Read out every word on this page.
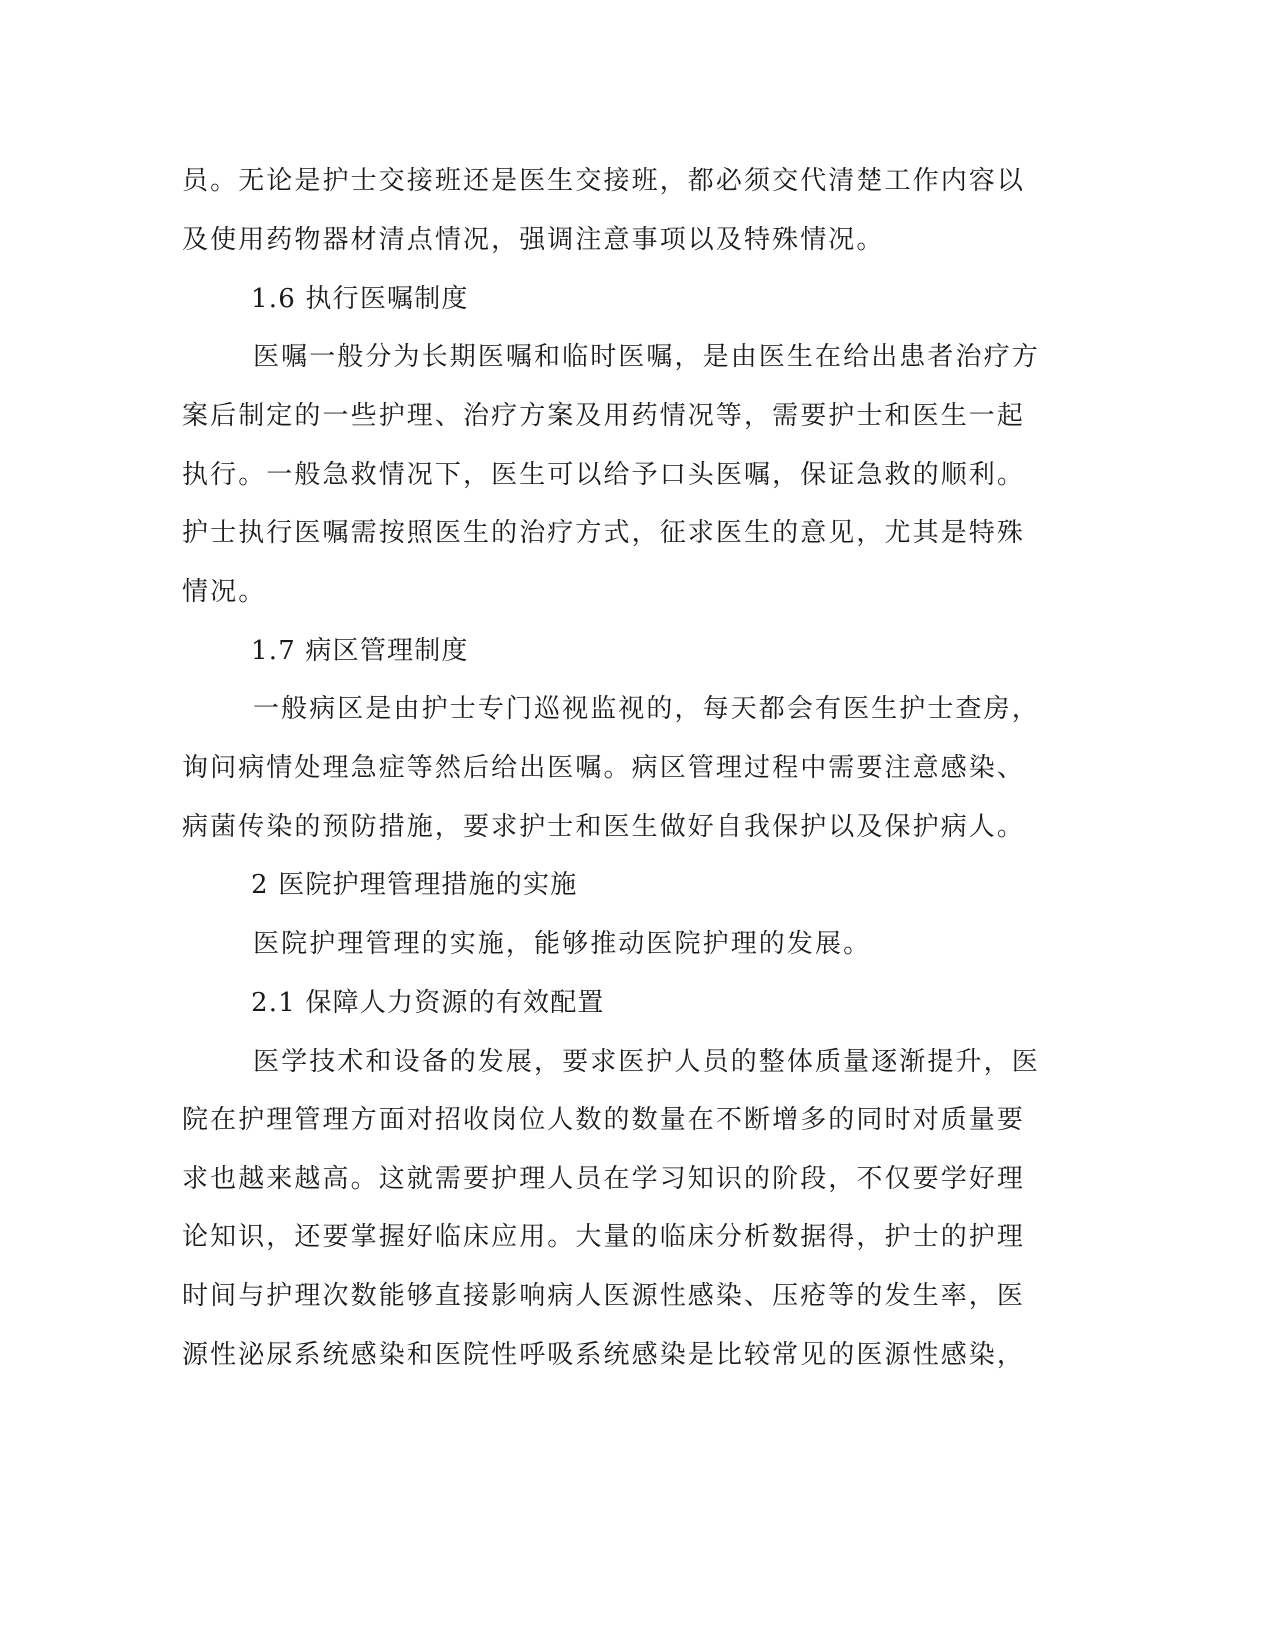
员。无论是护士交接班还是医生交接班，都必须交代清楚工作内容以

及使用药物器材清点情况，强调注意事项以及特殊情况。

1.6 执行医嘱制度

医嘱一般分为长期医嘱和临时医嘱，是由医生在给出患者治疗方

案后制定的一些护理、治疗方案及用药情况等，需要护士和医生一起

执行。一般急救情况下，医生可以给予口头医嘱，保证急救的顺利。

护士执行医嘱需按照医生的治疗方式，征求医生的意见，尤其是特殊

情况。

1.7 病区管理制度

一般病区是由护士专门巡视监视的，每天都会有医生护士查房，

询问病情处理急症等然后给出医嘱。病区管理过程中需要注意感染、

病菌传染的预防措施，要求护士和医生做好自我保护以及保护病人。

2 医院护理管理措施的实施

医院护理管理的实施，能够推动医院护理的发展。

2.1 保障人力资源的有效配置

医学技术和设备的发展，要求医护人员的整体质量逐渐提升，医

院在护理管理方面对招收岗位人数的数量在不断增多的同时对质量要

求也越来越高。这就需要护理人员在学习知识的阶段，不仅要学好理

论知识，还要掌握好临床应用。大量的临床分析数据得，护士的护理

时间与护理次数能够直接影响病人医源性感染、压疮等的发生率，医

源性泌尿系统感染和医院性呼吸系统感染是比较常见的医源性感染，
